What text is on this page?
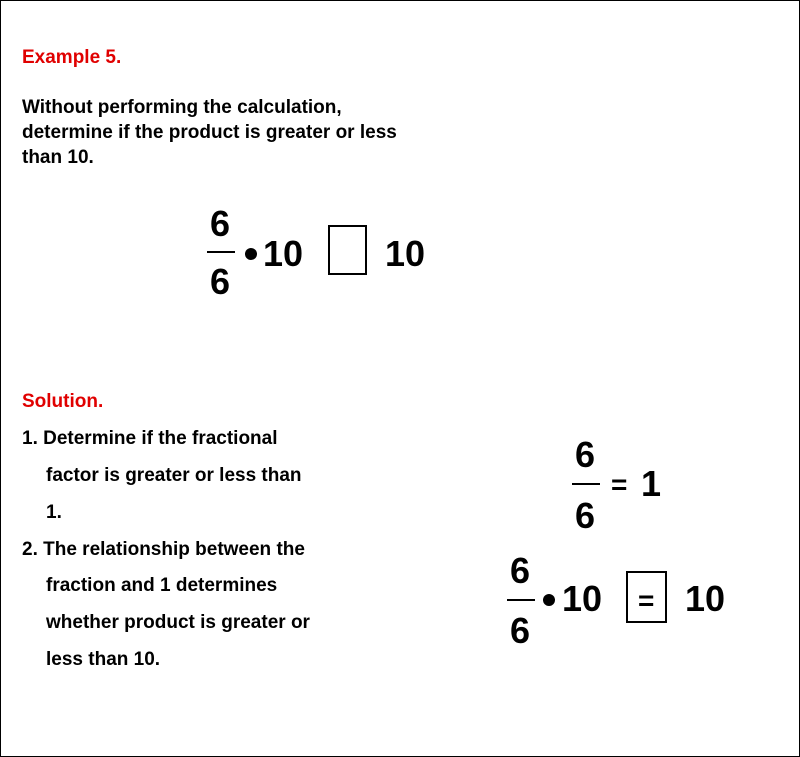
Example 5.
Without performing the calculation,
determine if the product is greater or less
than 10.
6
6
10 10
Solution.
1. Determine if the fractional
factor is greater or less than
1.
2. The relationship between the
fraction and 1 determines
whether product is greater or
less than 10.
6
6
= 1
6
6
10 = 10
